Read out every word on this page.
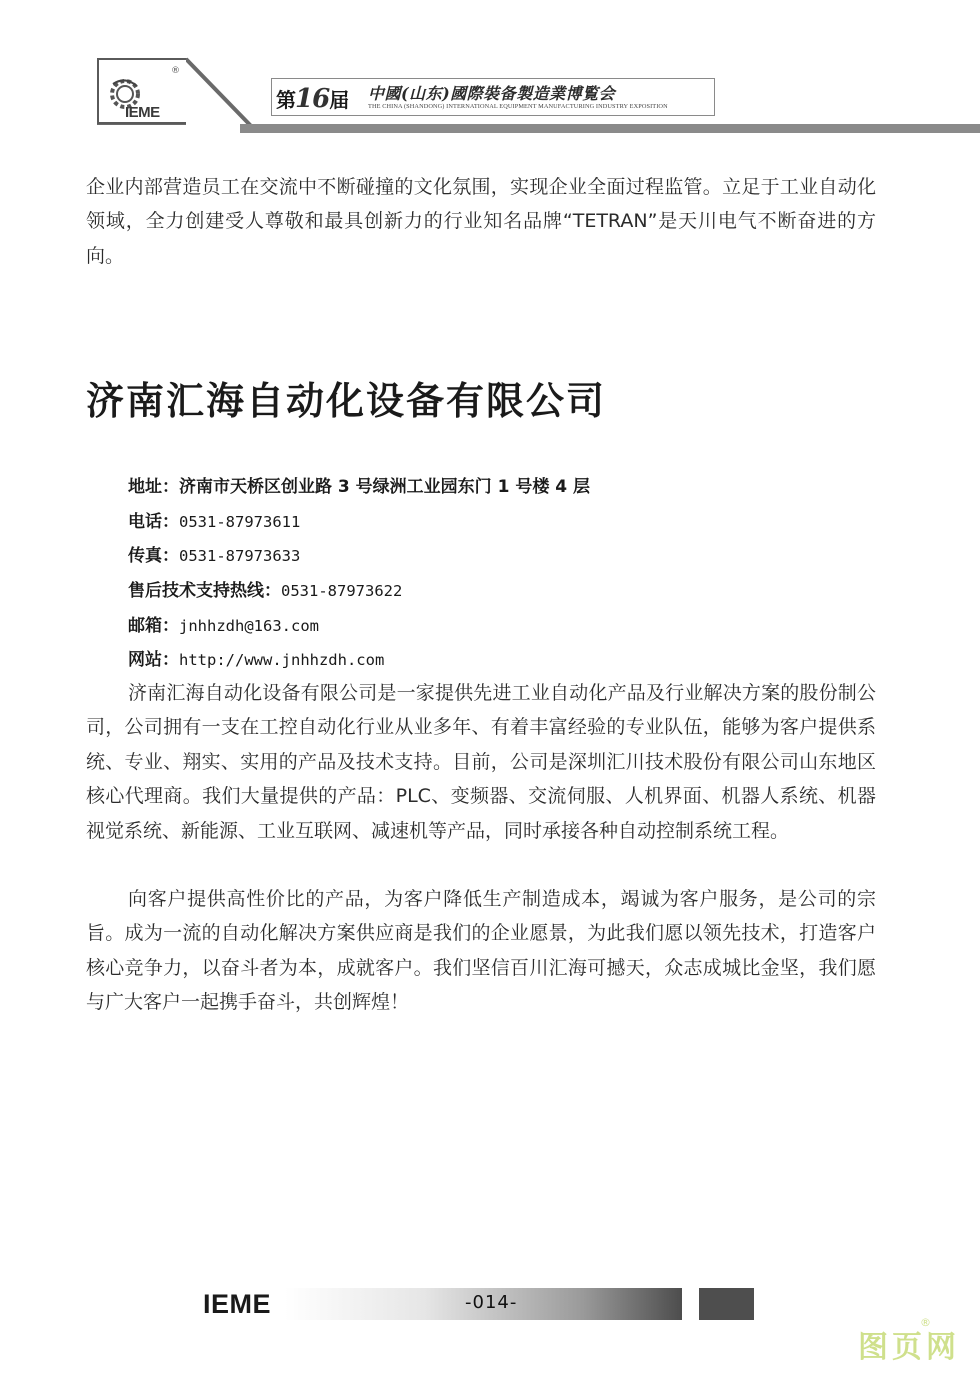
®
IEME
第16届 中國(山东)國際裝备製造業博覧会
THE CHINA (SHANDONG) INTERNATIONAL EQUIPMENT MANUFACTURING INDUSTRY EXPOSITION

企业内部营造员工在交流中不断碰撞的文化氛围，实现企业全面过程监管。立足于工业自动化领域，全力创建受人尊敬和最具创新力的行业知名品牌“TETRAN”是天川电气不断奋进的方向。

济南汇海自动化设备有限公司
地址：济南市天桥区创业路 3 号绿洲工业园东门 1 号楼 4 层
电话：0531-87973611
传真：0531-87973633
售后技术支持热线：0531-87973622
邮箱：jnhhzdh@163.com
网站：http://www.jnhhzdh.com

济南汇海自动化设备有限公司是一家提供先进工业自动化产品及行业解决方案的股份制公司，公司拥有一支在工控自动化行业从业多年、有着丰富经验的专业队伍，能够为客户提供系统、专业、翔实、实用的产品及技术支持。目前，公司是深圳汇川技术股份有限公司山东地区核心代理商。我们大量提供的产品：PLC、变频器、交流伺服、人机界面、机器人系统、机器视觉系统、新能源、工业互联网、减速机等产品，同时承接各种自动控制系统工程。

向客户提供高性价比的产品，为客户降低生产制造成本，竭诚为客户服务，是公司的宗旨。成为一流的自动化解决方案供应商是我们的企业愿景，为此我们愿以领先技术，打造客户核心竞争力，以奋斗者为本，成就客户。我们坚信百川汇海可撼天，众志成城比金坚，我们愿与广大客户一起携手奋斗，共创辉煌！

IEME	-014-
图页网
®
